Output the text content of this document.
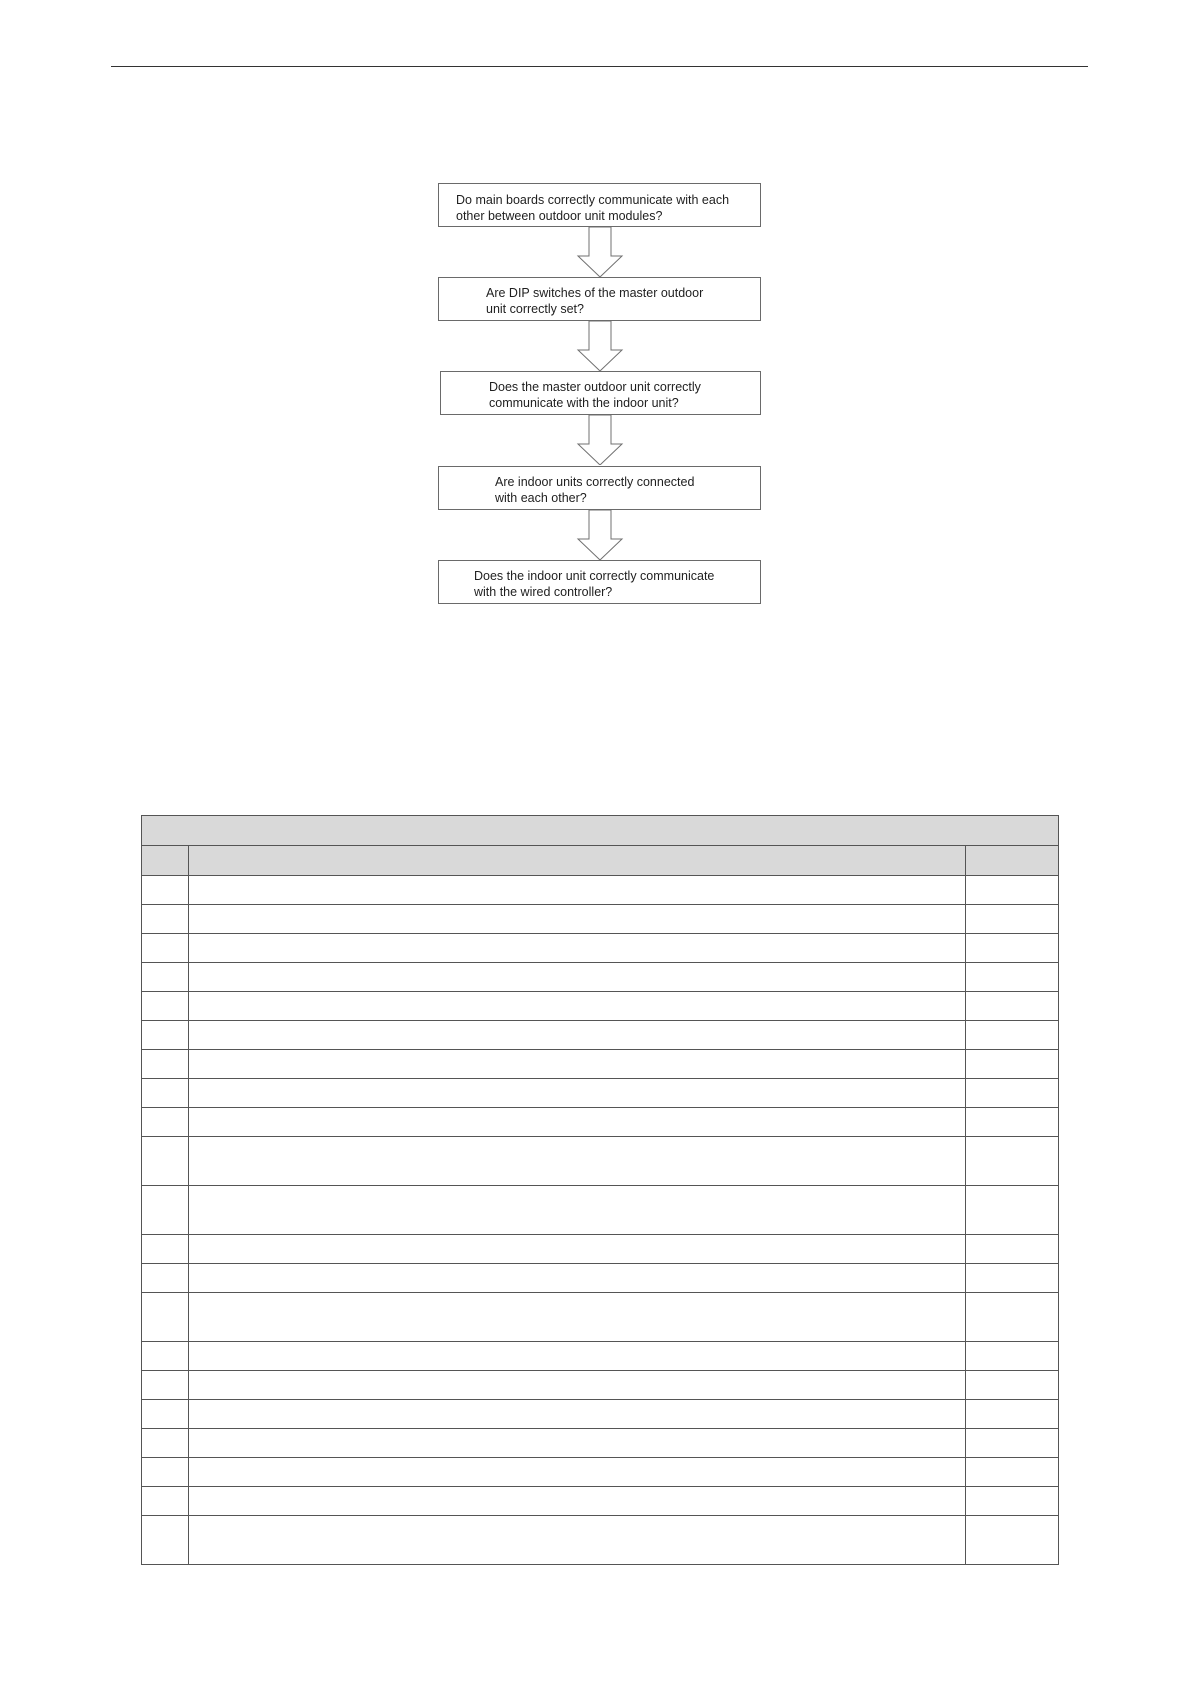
Do main boards correctly communicate with each
other between outdoor unit modules?
Are DIP switches of the master outdoor
unit correctly set?
Does the master outdoor unit correctly
communicate with the indoor unit?
Are indoor units correctly connected
with each other?
Does the indoor unit correctly communicate
with the wired controller?
